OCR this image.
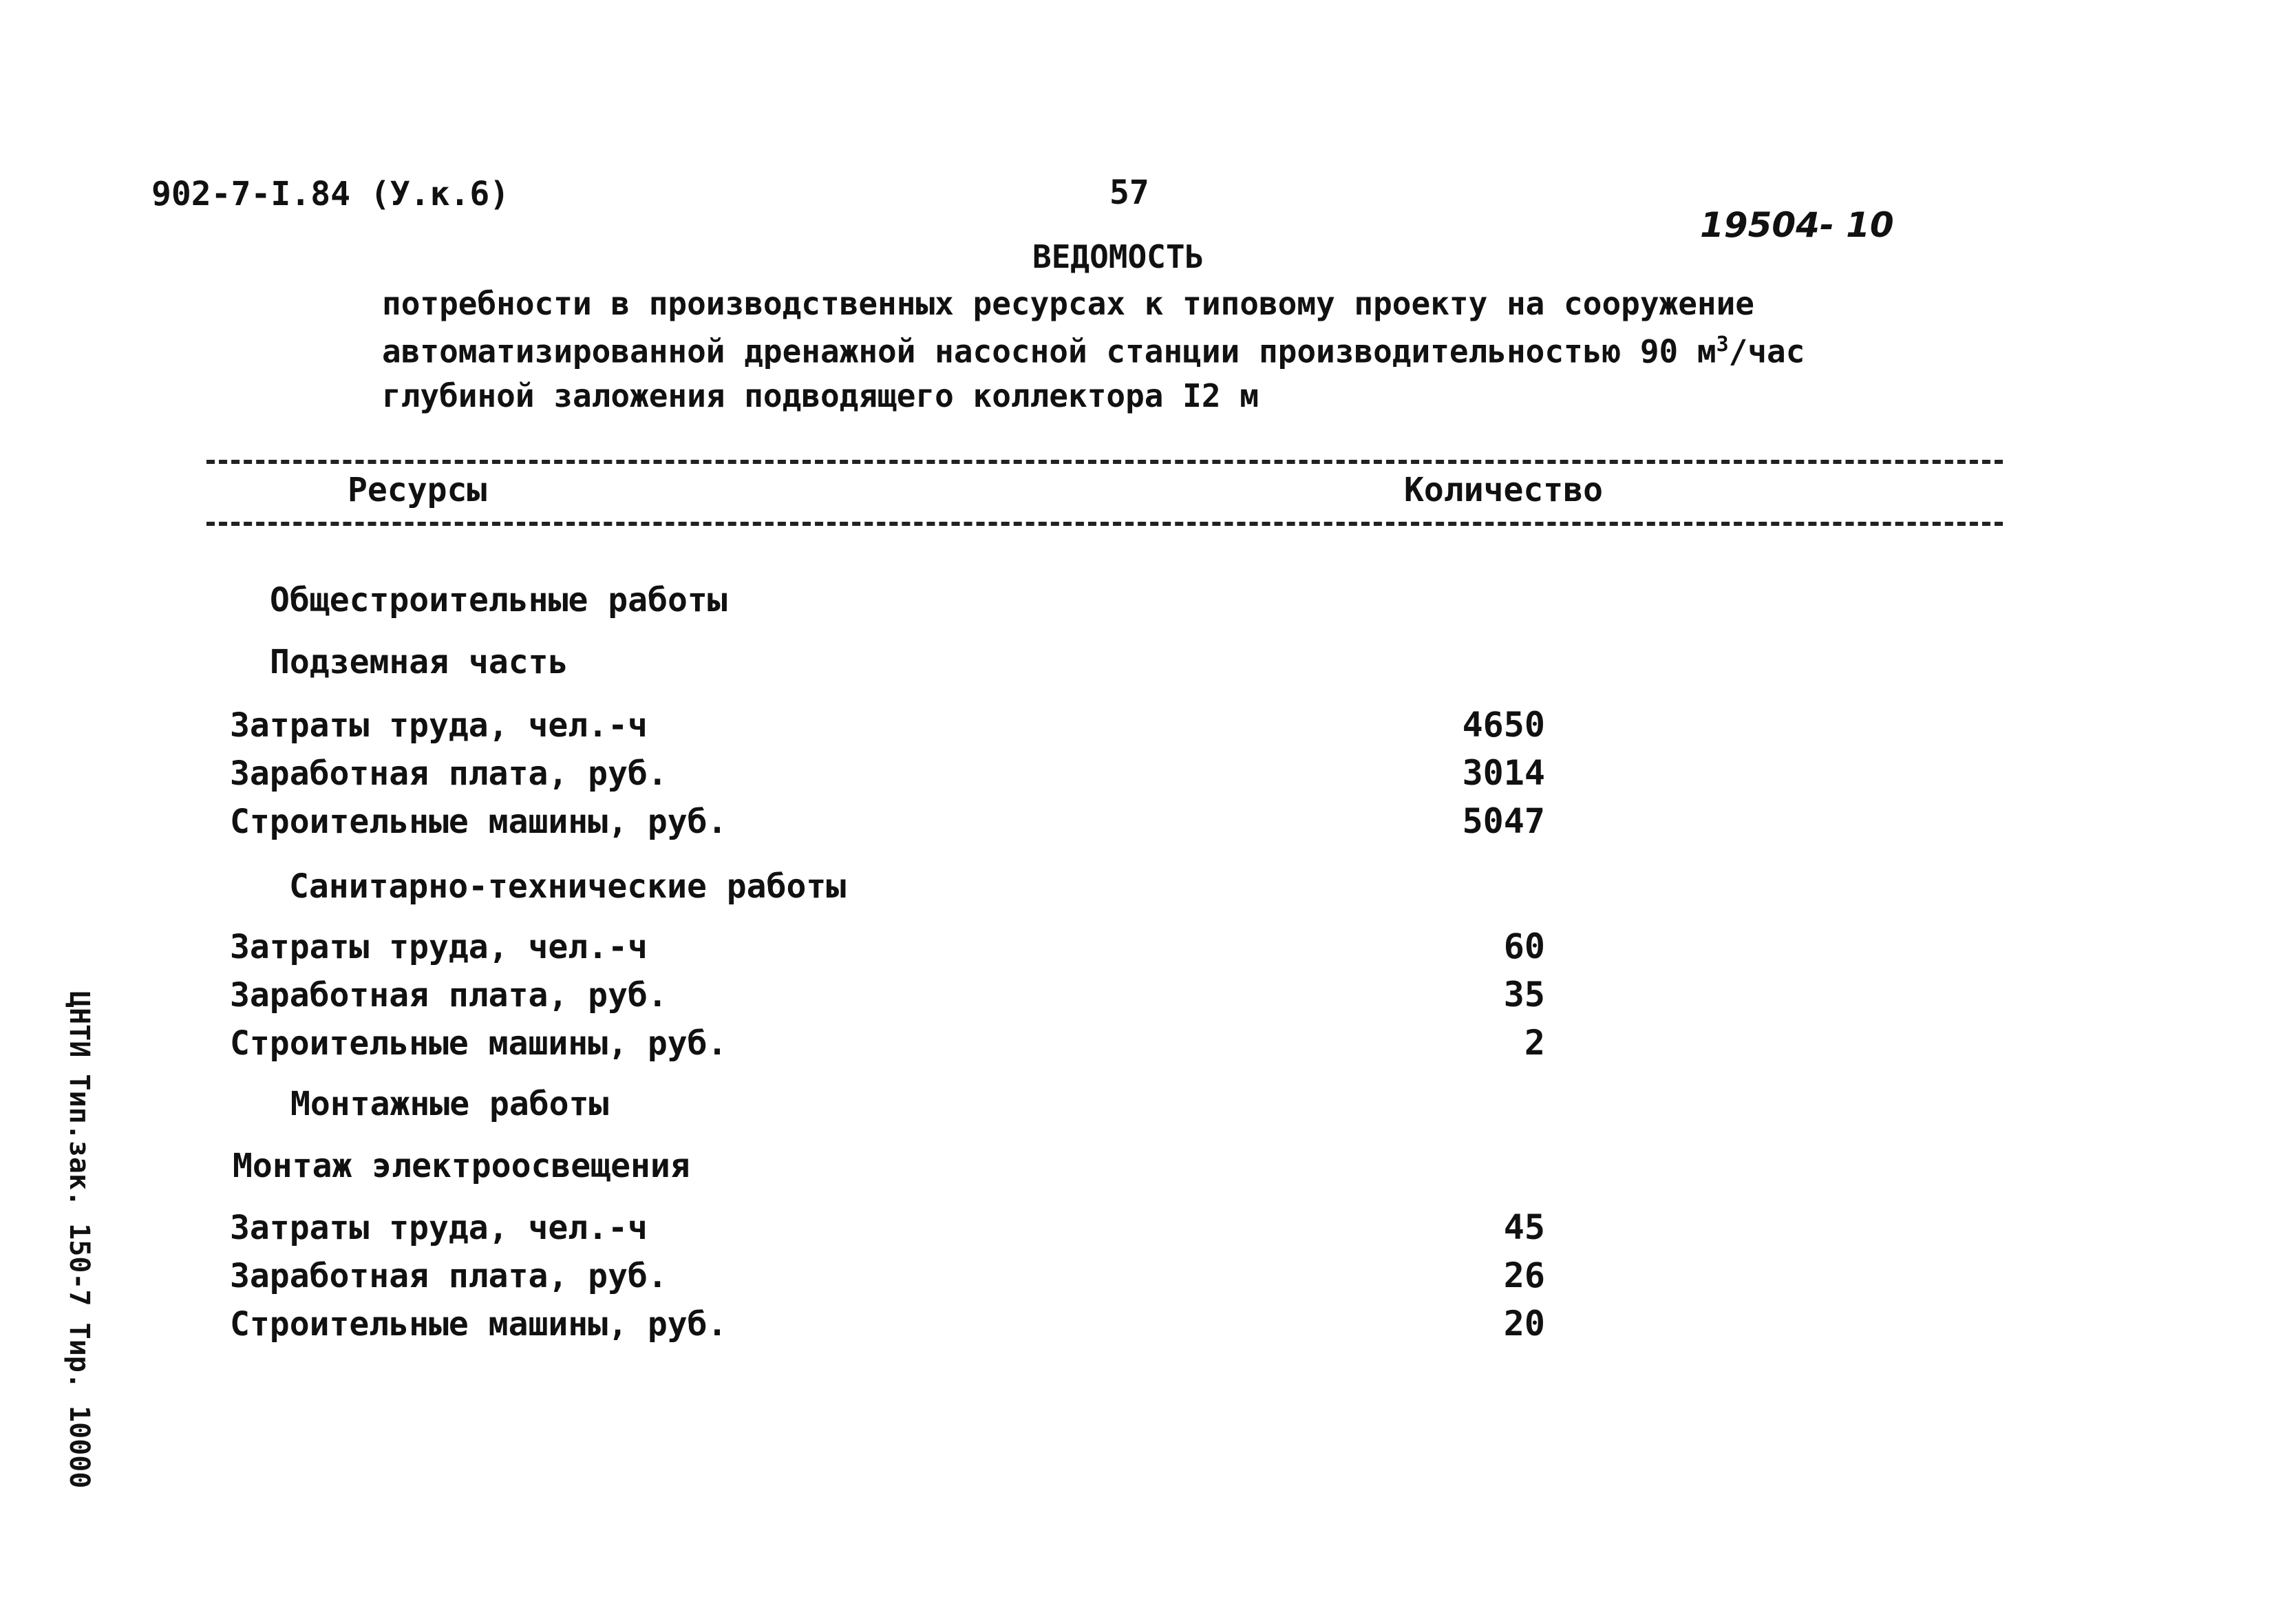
902-7-I.84 (У.к.6)	57
19504- 10
ВЕДОМОСТЬ
потребности в производственных ресурсах к типовому проекту на сооружение
автоматизированной дренажной насосной станции производительностью 90 $м^3$/час
глубиной заложения подводящего коллектора I2 м
Ресурсы	Количество
Общестроительные работы
Подземная часть
Затраты труда, чел.-ч	4650
Заработная плата, руб.	3014
Строительные машины, руб.	5047
Санитарно-технические работы
Затраты труда, чел.-ч	60
Заработная плата, руб.	35
Строительные машины, руб.	2
Монтажные работы
Монтаж электроосвещения
Затраты труда, чел.-ч	45
Заработная плата, руб.	26
Строительные машины, руб.	20
ЦНТИ Тип.зак. 150-7 Тир. 10000
